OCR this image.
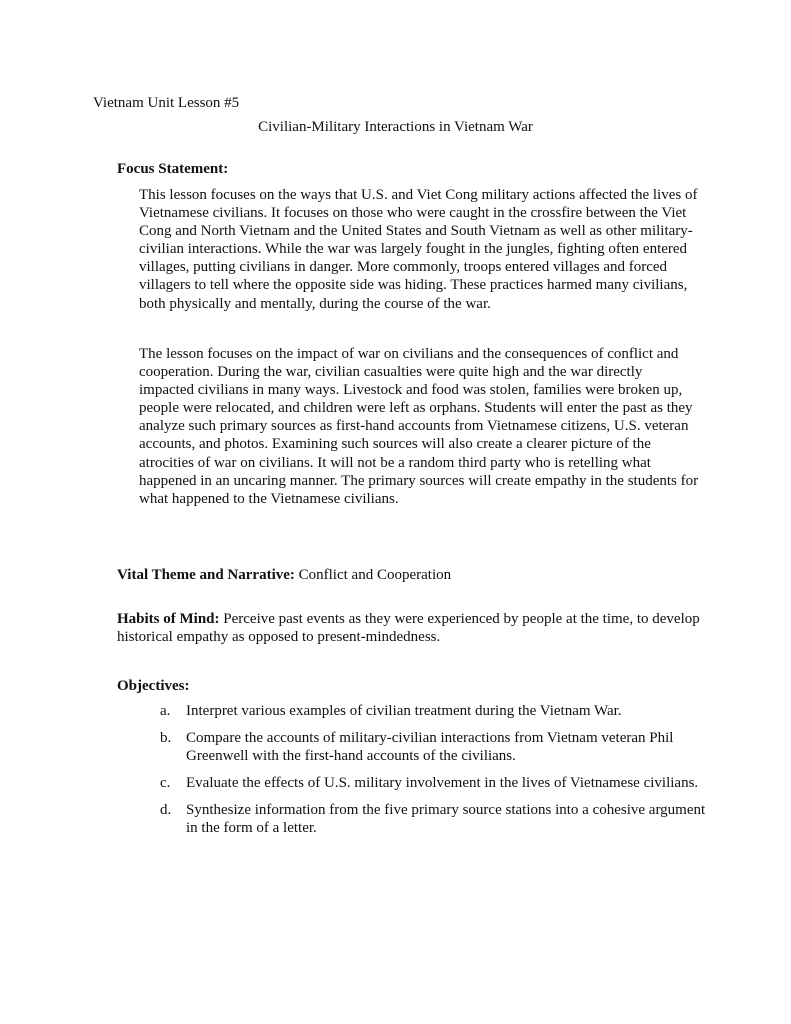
Vietnam Unit Lesson #5
Civilian-Military Interactions in Vietnam War
Focus Statement:

This lesson focuses on the ways that U.S. and Viet Cong military actions affected the lives of Vietnamese civilians. It focuses on those who were caught in the crossfire between the Viet Cong and North Vietnam and the United States and South Vietnam as well as other military-civilian interactions. While the war was largely fought in the jungles, fighting often entered villages, putting civilians in danger. More commonly, troops entered villages and forced villagers to tell where the opposite side was hiding. These practices harmed many civilians, both physically and mentally, during the course of the war.

The lesson focuses on the impact of war on civilians and the consequences of conflict and cooperation. During the war, civilian casualties were quite high and the war directly impacted civilians in many ways. Livestock and food was stolen, families were broken up, people were relocated, and children were left as orphans. Students will enter the past as they analyze such primary sources as first-hand accounts from Vietnamese citizens, U.S. veteran accounts, and photos. Examining such sources will also create a clearer picture of the atrocities of war on civilians. It will not be a random third party who is retelling what happened in an uncaring manner. The primary sources will create empathy in the students for what happened to the Vietnamese civilians.

Vital Theme and Narrative: Conflict and Cooperation
Habits of Mind: Perceive past events as they were experienced by people at the time, to develop historical empathy as opposed to present-mindedness.
Objectives:
a. Interpret various examples of civilian treatment during the Vietnam War.
b. Compare the accounts of military-civilian interactions from Vietnam veteran Phil Greenwell with the first-hand accounts of the civilians.
c. Evaluate the effects of U.S. military involvement in the lives of Vietnamese civilians.
d. Synthesize information from the five primary source stations into a cohesive argument in the form of a letter.
